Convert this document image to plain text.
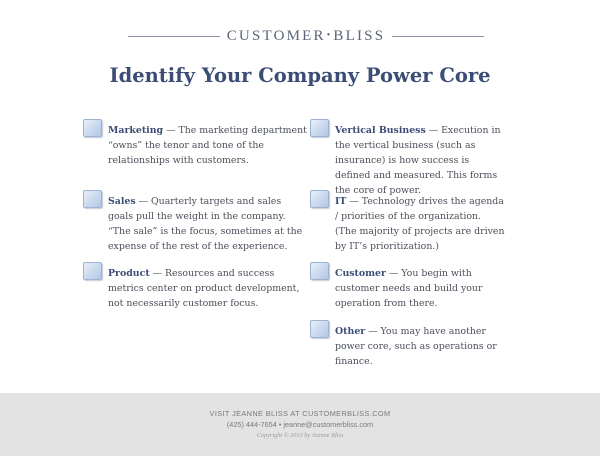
CUSTOMER•BLISS
Identify Your Company Power Core
Marketing — The marketing department “owns” the tenor and tone of the relationships with customers.
Sales — Quarterly targets and sales goals pull the weight in the company. “The sale” is the focus, sometimes at the expense of the rest of the experience.
Product — Resources and success metrics center on product development, not necessarily customer focus.
Vertical Business — Execution in the vertical business (such as insurance) is how success is defined and measured. This forms the core of power.
IT — Technology drives the agenda / priorities of the organization. (The majority of projects are driven by IT’s prioritization.)
Customer — You begin with customer needs and build your operation from there.
Other — You may have another power core, such as operations or finance.
VISIT JEANNE BLISS AT CUSTOMERBLISS.COM
(425) 444-7654 • jeanne@customerbliss.com
Copyright © 2013 by Jeanne Bliss
